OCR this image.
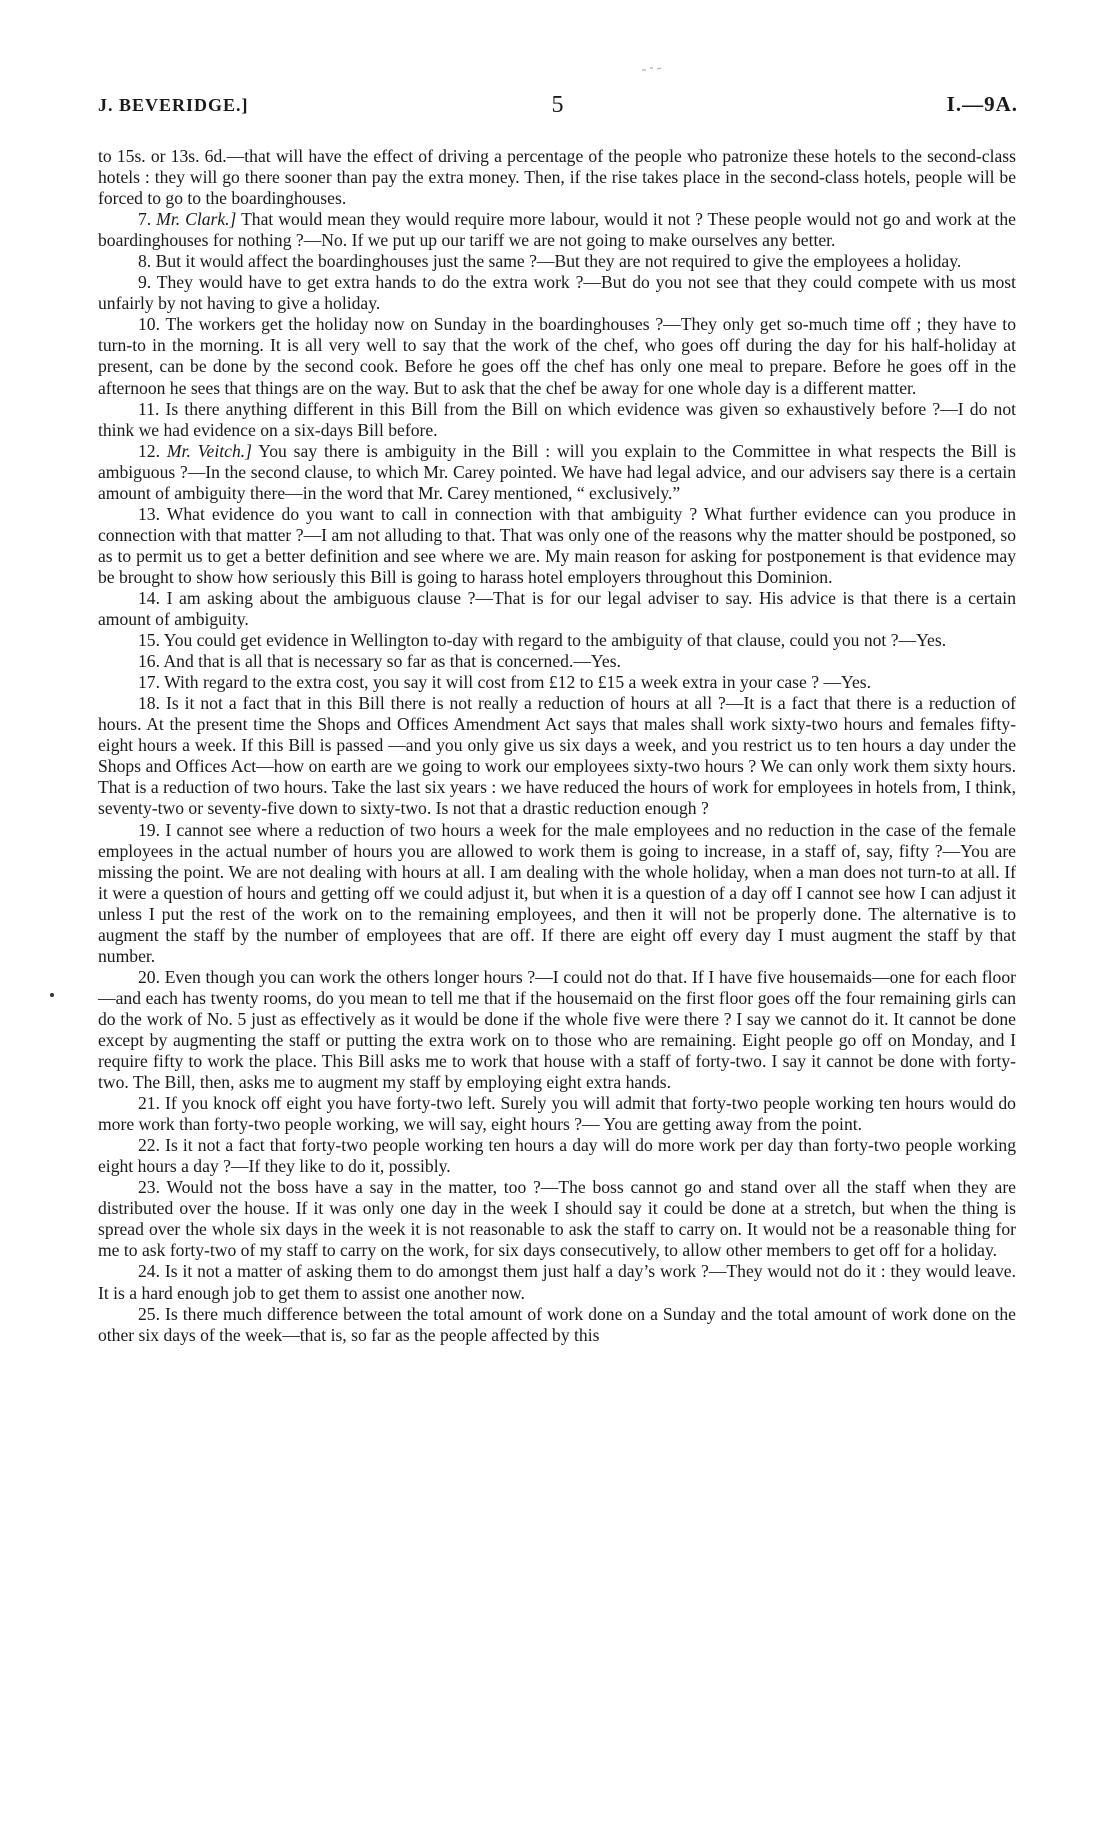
J. BEVERIDGE.]	5	I.—9A.

to 15s. or 13s. 6d.—that will have the effect of driving a percentage of the people who patronize these hotels to the second-class hotels : they will go there sooner than pay the extra money. Then, if the rise takes place in the second-class hotels, people will be forced to go to the boardinghouses.

7. Mr. Clark.] That would mean they would require more labour, would it not ? These people would not go and work at the boardinghouses for nothing ?—No. If we put up our tariff we are not going to make ourselves any better.

8. But it would affect the boardinghouses just the same ?—But they are not required to give the employees a holiday.

9. They would have to get extra hands to do the extra work ?—But do you not see that they could compete with us most unfairly by not having to give a holiday.

10. The workers get the holiday now on Sunday in the boardinghouses ?—They only get so-much time off ; they have to turn-to in the morning. It is all very well to say that the work of the chef, who goes off during the day for his half-holiday at present, can be done by the second cook. Before he goes off the chef has only one meal to prepare. Before he goes off in the afternoon he sees that things are on the way. But to ask that the chef be away for one whole day is a different matter.

11. Is there anything different in this Bill from the Bill on which evidence was given so exhaustively before ?—I do not think we had evidence on a six-days Bill before.

12. Mr. Veitch.] You say there is ambiguity in the Bill : will you explain to the Committee in what respects the Bill is ambiguous ?—In the second clause, to which Mr. Carey pointed. We have had legal advice, and our advisers say there is a certain amount of ambiguity there—in the word that Mr. Carey mentioned, “ exclusively.”

13. What evidence do you want to call in connection with that ambiguity ? What further evidence can you produce in connection with that matter ?—I am not alluding to that. That was only one of the reasons why the matter should be postponed, so as to permit us to get a better definition and see where we are. My main reason for asking for postponement is that evidence may be brought to show how seriously this Bill is going to harass hotel employers throughout this Dominion.

14. I am asking about the ambiguous clause ?—That is for our legal adviser to say. His advice is that there is a certain amount of ambiguity.

15. You could get evidence in Wellington to-day with regard to the ambiguity of that clause, could you not ?—Yes.

16. And that is all that is necessary so far as that is concerned.—Yes.

17. With regard to the extra cost, you say it will cost from £12 to £15 a week extra in your case ? —Yes.

18. Is it not a fact that in this Bill there is not really a reduction of hours at all ?—It is a fact that there is a reduction of hours. At the present time the Shops and Offices Amendment Act says that males shall work sixty-two hours and females fifty-eight hours a week. If this Bill is passed —and you only give us six days a week, and you restrict us to ten hours a day under the Shops and Offices Act—how on earth are we going to work our employees sixty-two hours ? We can only work them sixty hours. That is a reduction of two hours. Take the last six years : we have reduced the hours of work for employees in hotels from, I think, seventy-two or seventy-five down to sixty-two. Is not that a drastic reduction enough ?

19. I cannot see where a reduction of two hours a week for the male employees and no reduction in the case of the female employees in the actual number of hours you are allowed to work them is going to increase, in a staff of, say, fifty ?—You are missing the point. We are not dealing with hours at all. I am dealing with the whole holiday, when a man does not turn-to at all. If it were a question of hours and getting off we could adjust it, but when it is a question of a day off I cannot see how I can adjust it unless I put the rest of the work on to the remaining employees, and then it will not be properly done. The alternative is to augment the staff by the number of employees that are off. If there are eight off every day I must augment the staff by that number.

20. Even though you can work the others longer hours ?—I could not do that. If I have five housemaids—one for each floor—and each has twenty rooms, do you mean to tell me that if the housemaid on the first floor goes off the four remaining girls can do the work of No. 5 just as effectively as it would be done if the whole five were there ? I say we cannot do it. It cannot be done except by augmenting the staff or putting the extra work on to those who are remaining. Eight people go off on Monday, and I require fifty to work the place. This Bill asks me to work that house with a staff of forty-two. I say it cannot be done with forty-two. The Bill, then, asks me to augment my staff by employing eight extra hands.

21. If you knock off eight you have forty-two left. Surely you will admit that forty-two people working ten hours would do more work than forty-two people working, we will say, eight hours ?— You are getting away from the point.

22. Is it not a fact that forty-two people working ten hours a day will do more work per day than forty-two people working eight hours a day ?—If they like to do it, possibly.

23. Would not the boss have a say in the matter, too ?—The boss cannot go and stand over all the staff when they are distributed over the house. If it was only one day in the week I should say it could be done at a stretch, but when the thing is spread over the whole six days in the week it is not reasonable to ask the staff to carry on. It would not be a reasonable thing for me to ask forty-two of my staff to carry on the work, for six days consecutively, to allow other members to get off for a holiday.

24. Is it not a matter of asking them to do amongst them just half a day’s work ?—They would not do it : they would leave. It is a hard enough job to get them to assist one another now.

25. Is there much difference between the total amount of work done on a Sunday and the total amount of work done on the other six days of the week—that is, so far as the people affected by this
